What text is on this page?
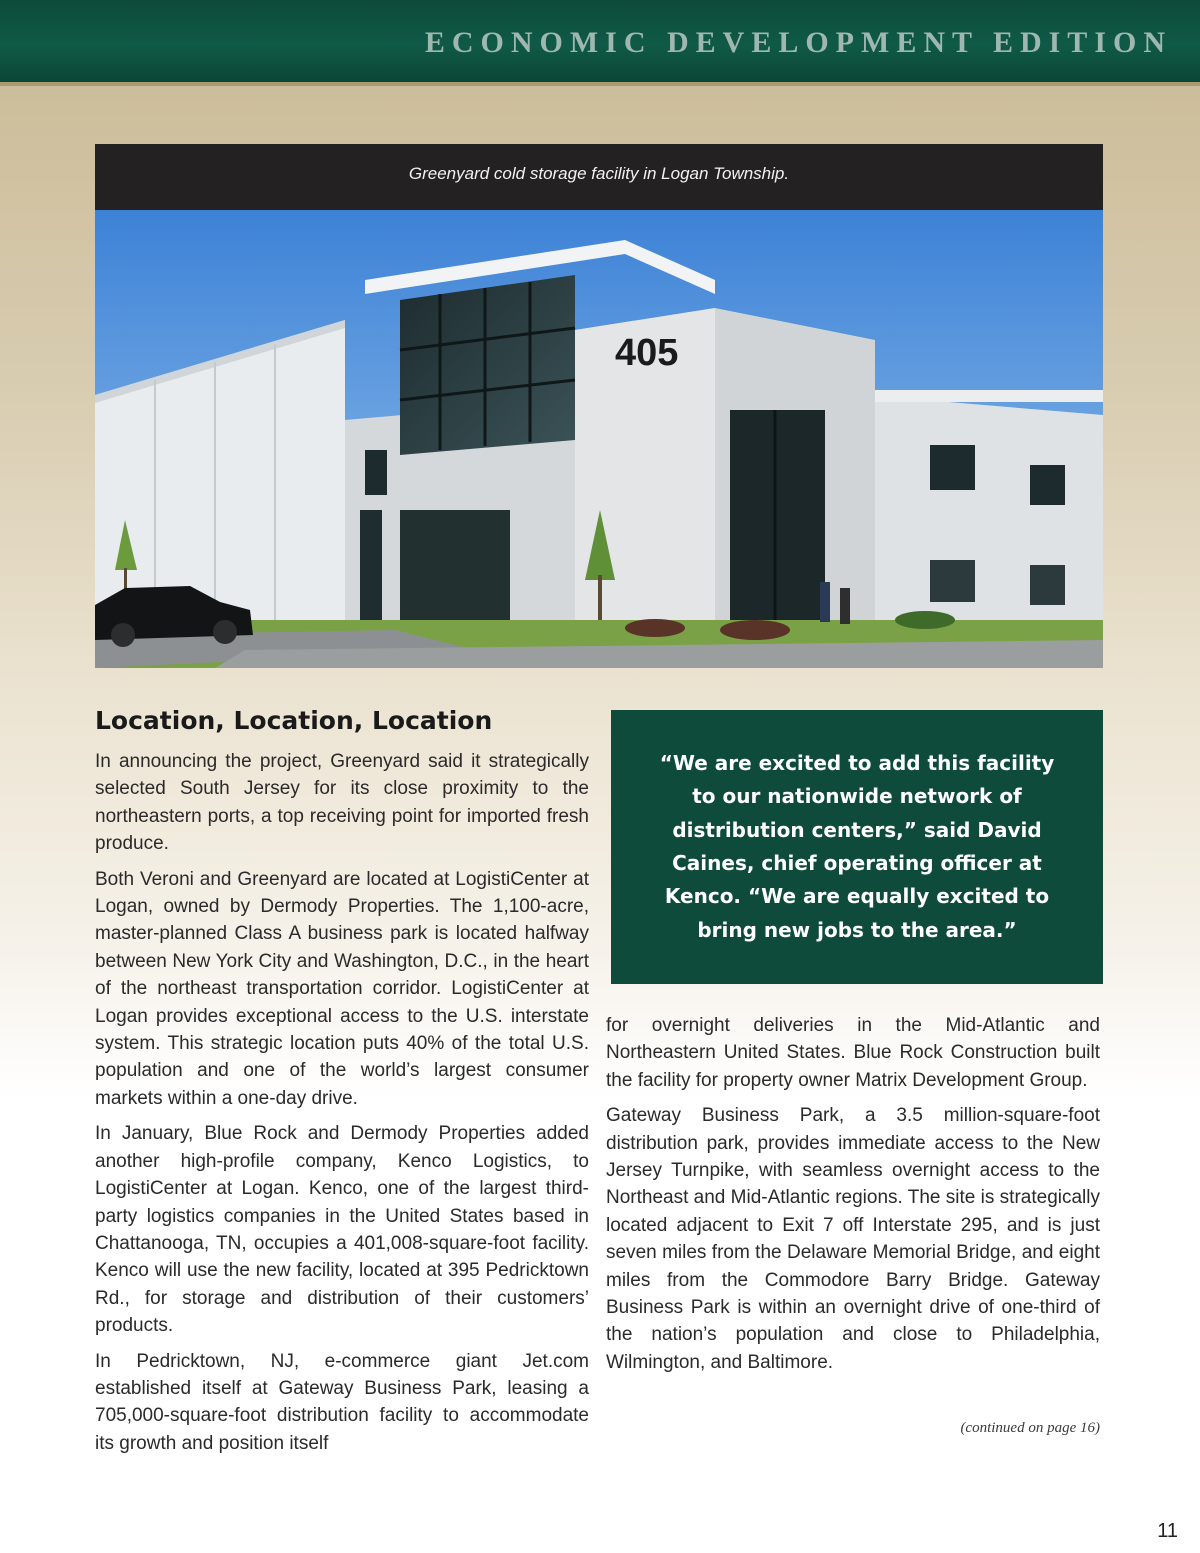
ECONOMIC DEVELOPMENT EDITION
Greenyard cold storage facility in Logan Township.
405
Location, Location, Location

In announcing the project, Greenyard said it strategically selected South Jersey for its close proximity to the northeastern ports, a top receiving point for imported fresh produce.

Both Veroni and Greenyard are located at LogistiCenter at Logan, owned by Dermody Properties. The 1,100-acre, master-planned Class A business park is located halfway between New York City and Washington, D.C., in the heart of the northeast transportation corridor. LogistiCenter at Logan provides exceptional access to the U.S. interstate system. This strategic location puts 40% of the total U.S. population and one of the world’s largest consumer markets within a one-day drive.

In January, Blue Rock and Dermody Properties added another high-profile company, Kenco Logistics, to LogistiCenter at Logan. Kenco, one of the largest third-party logistics companies in the United States based in Chattanooga, TN, occupies a 401,008-square-foot facility. Kenco will use the new facility, located at 395 Pedricktown Rd., for storage and distribution of their customers’ products.

In Pedricktown, NJ, e-commerce giant Jet.com established itself at Gateway Business Park, leasing a 705,000-square-foot distribution facility to accommodate its growth and position itself

“We are excited to add this facility to our nationwide network of distribution centers,” said David Caines, chief operating officer at Kenco. “We are equally excited to bring new jobs to the area.”

for overnight deliveries in the Mid-Atlantic and Northeastern United States. Blue Rock Construction built the facility for property owner Matrix Development Group.

Gateway Business Park, a 3.5 million-square-foot distribution park, provides immediate access to the New Jersey Turnpike, with seamless overnight access to the Northeast and Mid-Atlantic regions. The site is strategically located adjacent to Exit 7 off Interstate 295, and is just seven miles from the Delaware Memorial Bridge, and eight miles from the Commodore Barry Bridge. Gateway Business Park is within an overnight drive of one-third of the nation’s population and close to Philadelphia, Wilmington, and Baltimore.

(continued on page 16)
11
